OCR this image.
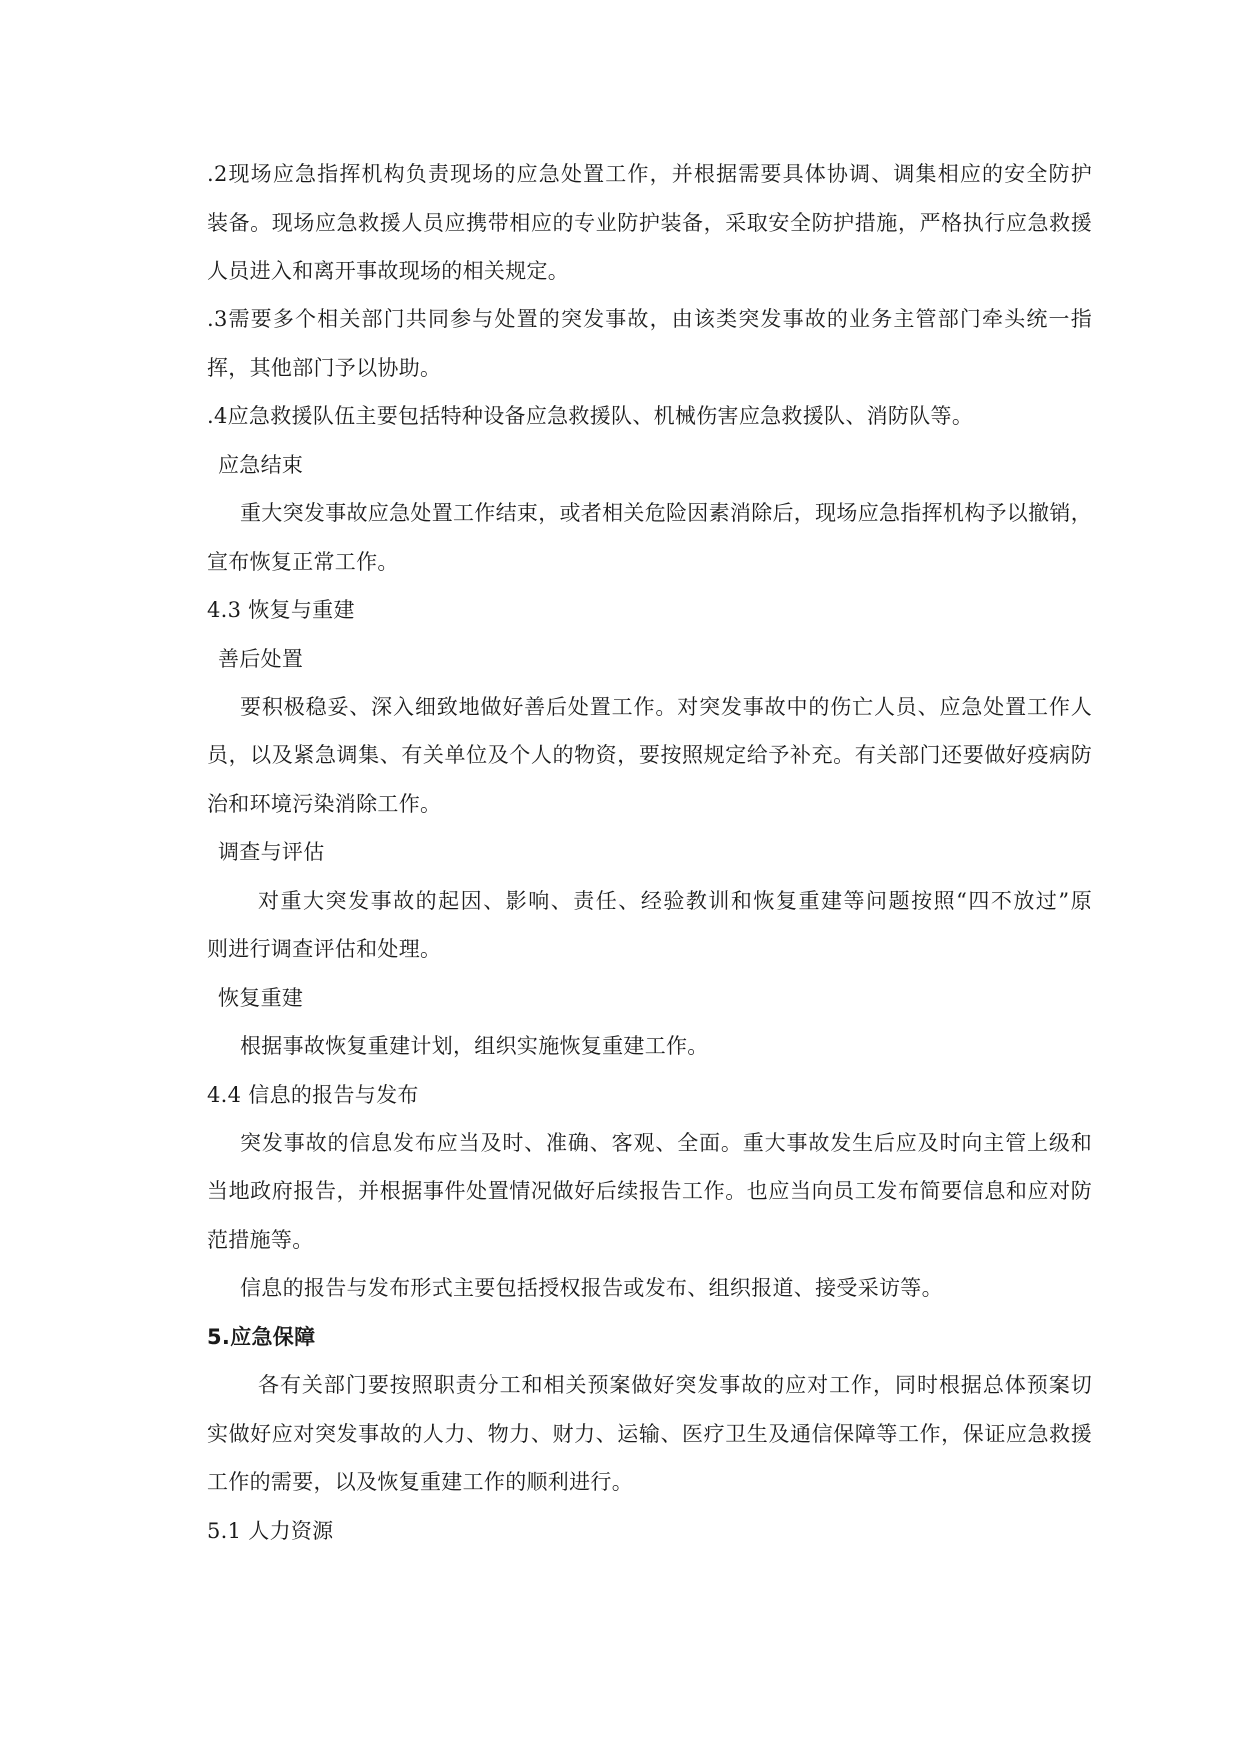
.2现场应急指挥机构负责现场的应急处置工作，并根据需要具体协调、调集相应的安全防护
装备。现场应急救援人员应携带相应的专业防护装备，采取安全防护措施，严格执行应急救援
人员进入和离开事故现场的相关规定。
.3需要多个相关部门共同参与处置的突发事故，由该类突发事故的业务主管部门牵头统一指
挥，其他部门予以协助。
.4应急救援队伍主要包括特种设备应急救援队、机械伤害应急救援队、消防队等。
应急结束
重大突发事故应急处置工作结束，或者相关危险因素消除后，现场应急指挥机构予以撤销，
宣布恢复正常工作。
4.3 恢复与重建
善后处置
要积极稳妥、深入细致地做好善后处置工作。对突发事故中的伤亡人员、应急处置工作人
员，以及紧急调集、有关单位及个人的物资，要按照规定给予补充。有关部门还要做好疫病防
治和环境污染消除工作。
调查与评估
对重大突发事故的起因、影响、责任、经验教训和恢复重建等问题按照“四不放过”原
则进行调查评估和处理。
恢复重建
根据事故恢复重建计划，组织实施恢复重建工作。
4.4 信息的报告与发布
突发事故的信息发布应当及时、准确、客观、全面。重大事故发生后应及时向主管上级和
当地政府报告，并根据事件处置情况做好后续报告工作。也应当向员工发布简要信息和应对防
范措施等。
信息的报告与发布形式主要包括授权报告或发布、组织报道、接受采访等。
5.应急保障
各有关部门要按照职责分工和相关预案做好突发事故的应对工作，同时根据总体预案切
实做好应对突发事故的人力、物力、财力、运输、医疗卫生及通信保障等工作，保证应急救援
工作的需要，以及恢复重建工作的顺利进行。
5.1 人力资源
